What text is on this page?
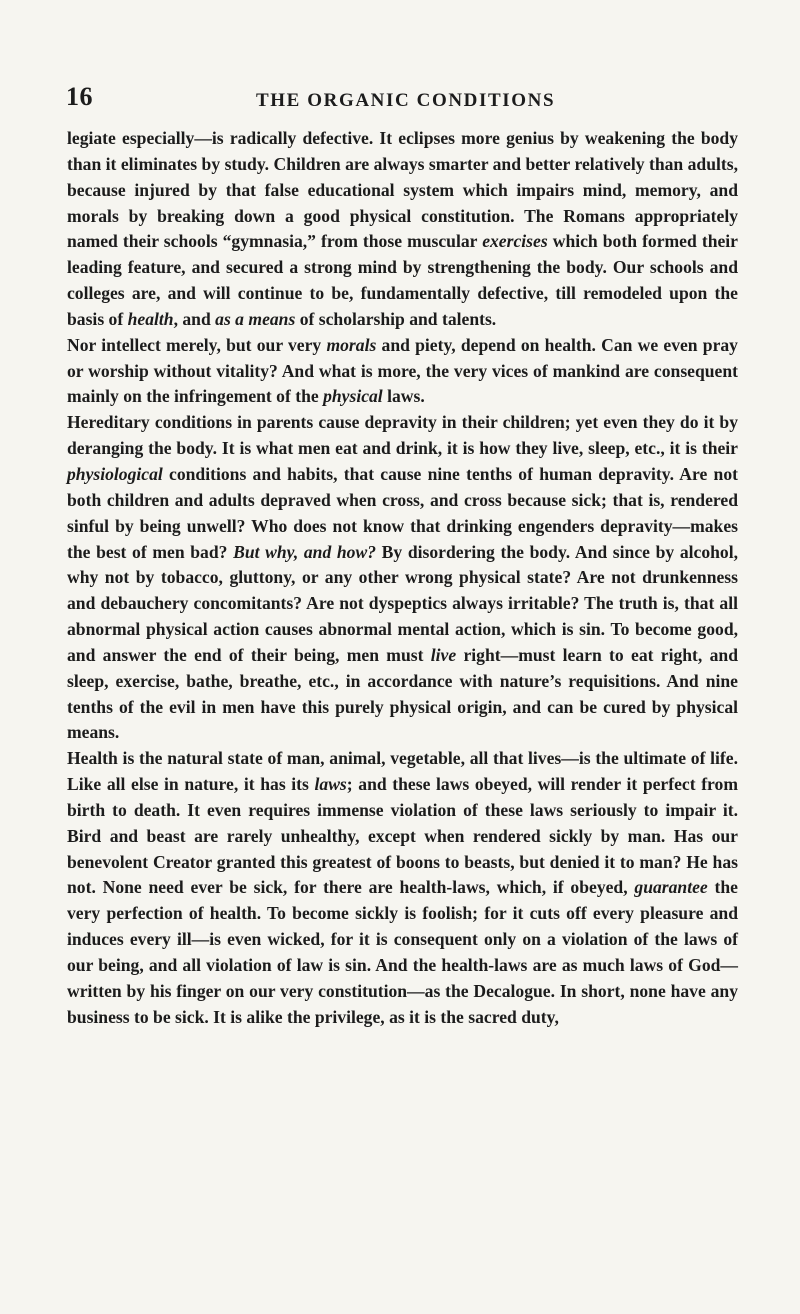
16	THE ORGANIC CONDITIONS

legiate especially—is radically defective. It eclipses more genius by weakening the body than it eliminates by study. Children are always smarter and better relatively than adults, because injured by that false educational system which impairs mind, memory, and morals by breaking down a good physical constitution. The Romans appropriately named their schools “gymnasia,” from those muscular exercises which both formed their leading feature, and secured a strong mind by strengthening the body. Our schools and colleges are, and will continue to be, fundamentally defective, till remodeled upon the basis of health, and as a means of scholarship and talents.

Nor intellect merely, but our very morals and piety, depend on health. Can we even pray or worship without vitality? And what is more, the very vices of mankind are consequent mainly on the infringement of the physical laws.

Hereditary conditions in parents cause depravity in their children; yet even they do it by deranging the body. It is what men eat and drink, it is how they live, sleep, etc., it is their physiological conditions and habits, that cause nine tenths of human depravity. Are not both children and adults depraved when cross, and cross because sick; that is, rendered sinful by being unwell? Who does not know that drinking engenders depravity—makes the best of men bad? But why, and how? By disordering the body. And since by alcohol, why not by tobacco, gluttony, or any other wrong physical state? Are not drunkenness and debauchery concomitants? Are not dyspeptics always irritable? The truth is, that all abnormal physical action causes abnormal mental action, which is sin. To become good, and answer the end of their being, men must live right—must learn to eat right, and sleep, exercise, bathe, breathe, etc., in accordance with nature’s requisitions. And nine tenths of the evil in men have this purely physical origin, and can be cured by physical means.

Health is the natural state of man, animal, vegetable, all that lives—is the ultimate of life. Like all else in nature, it has its laws; and these laws obeyed, will render it perfect from birth to death. It even requires immense violation of these laws seriously to impair it. Bird and beast are rarely unhealthy, except when rendered sickly by man. Has our benevolent Creator granted this greatest of boons to beasts, but denied it to man? He has not. None need ever be sick, for there are health-laws, which, if obeyed, guarantee the very perfection of health. To become sickly is foolish; for it cuts off every pleasure and induces every ill—is even wicked, for it is consequent only on a violation of the laws of our being, and all violation of law is sin. And the health-laws are as much laws of God—written by his finger on our very constitution—as the Decalogue. In short, none have any business to be sick. It is alike the privilege, as it is the sacred duty,
